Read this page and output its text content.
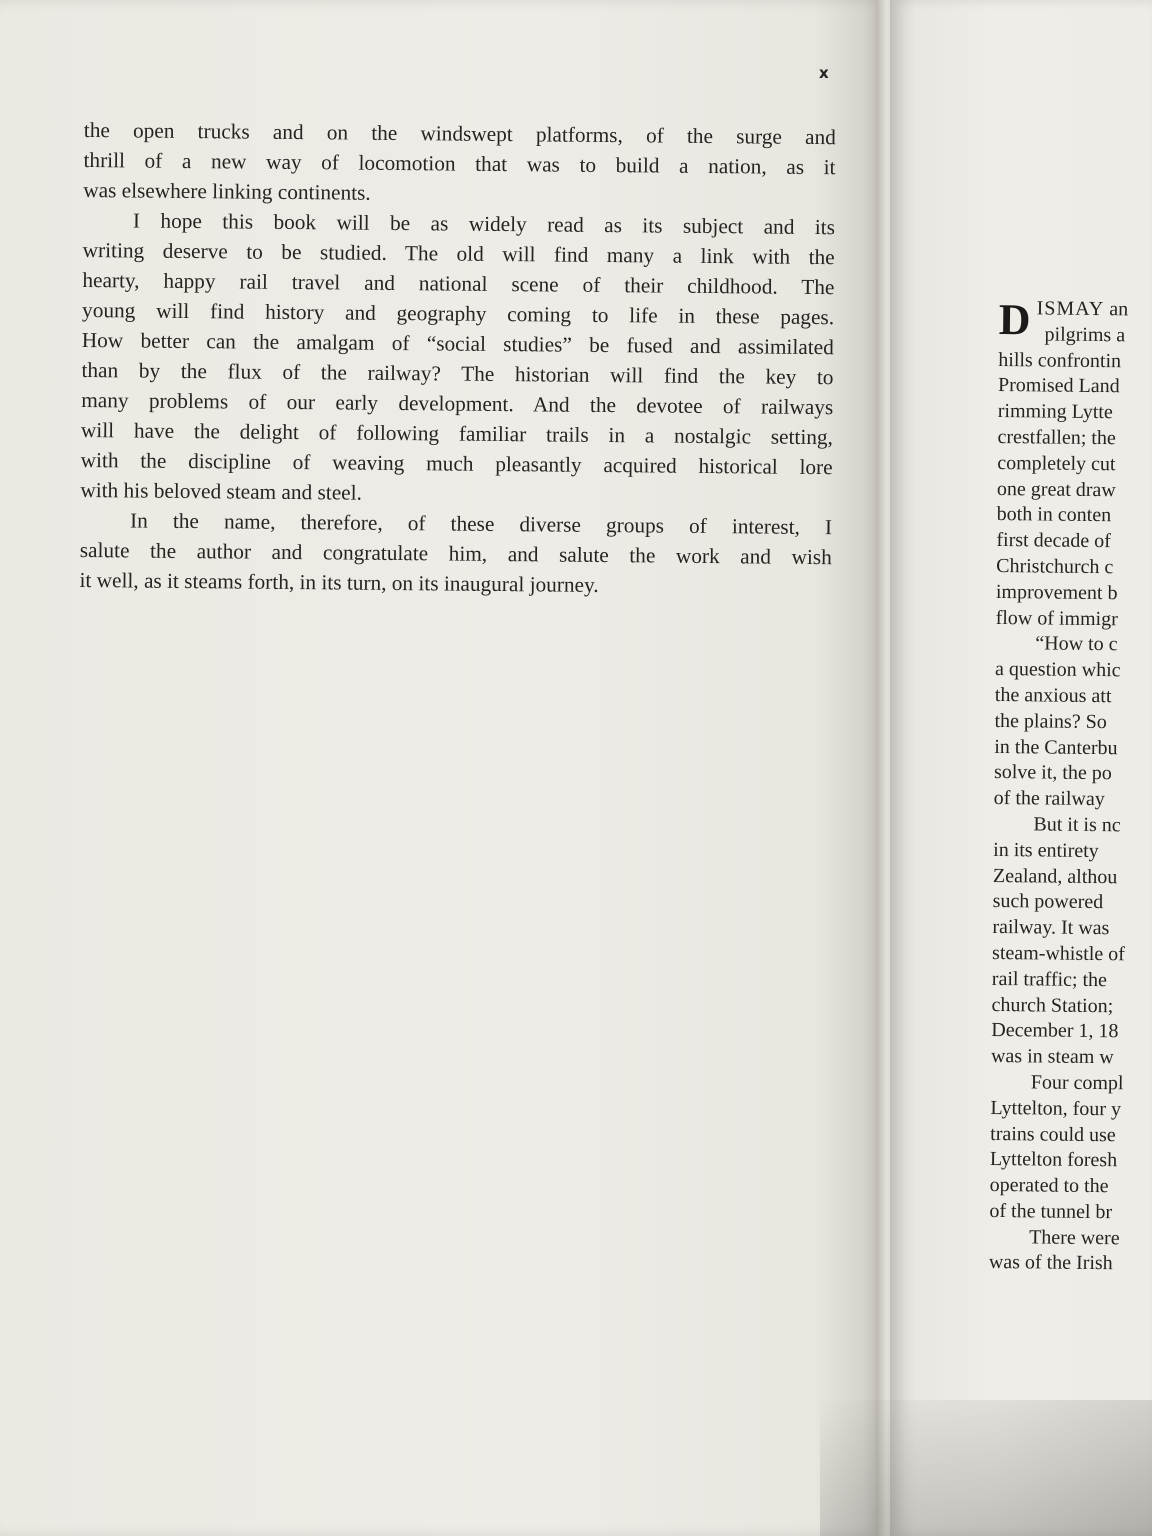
x

the open trucks and on the windswept platforms, of the surge and
thrill of a new way of locomotion that was to build a nation, as it
was elsewhere linking continents.

I hope this book will be as widely read as its subject and its
writing deserve to be studied. The old will find many a link with the
hearty, happy rail travel and national scene of their childhood. The
young will find history and geography coming to life in these pages.
How better can the amalgam of “social studies” be fused and assimilated
than by the flux of the railway? The historian will find the key to
many problems of our early development. And the devotee of railways
will have the delight of following familiar trails in a nostalgic setting,
with the discipline of weaving much pleasantly acquired historical lore
with his beloved steam and steel.

In the name, therefore, of these diverse groups of interest, I
salute the author and congratulate him, and salute the work and wish
it well, as it steams forth, in its turn, on its inaugural journey.

DISMAY an
pilgrims a
hills confrontin
Promised Land
rimming Lytte
crestfallen; the
completely cut
one great draw
both in conten
first decade of
Christchurch c
improvement b
flow of immigr
“How to c
a question whic
the anxious att
the plains? So
in the Canterbu
solve it, the po
of the railway
But it is nc
in its entirety
Zealand, althou
such powered
railway. It was
steam-whistle of
rail traffic; the
church Station;
December 1, 18
was in steam w
Four compl
Lyttelton, four y
trains could use
Lyttelton foresh
operated to the
of the tunnel br
There were
was of the Irish
